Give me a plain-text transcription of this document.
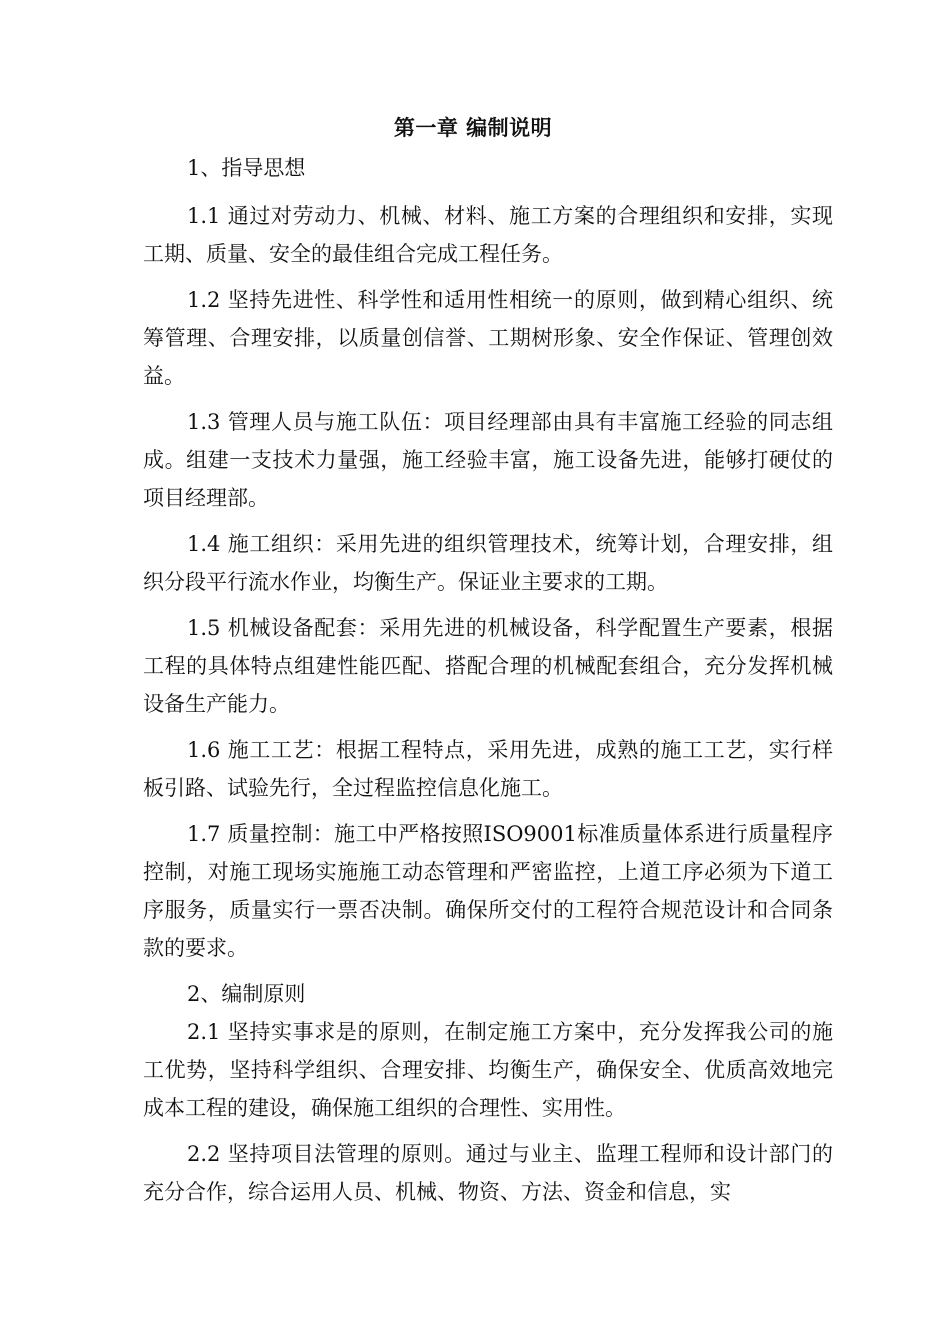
第一章 编制说明

1、指导思想

1.1 通过对劳动力、机械、材料、施工方案的合理组织和安排，实现工期、质量、安全的最佳组合完成工程任务。

1.2 坚持先进性、科学性和适用性相统一的原则，做到精心组织、统筹管理、合理安排，以质量创信誉、工期树形象、安全作保证、管理创效益。

1.3 管理人员与施工队伍：项目经理部由具有丰富施工经验的同志组成。组建一支技术力量强，施工经验丰富，施工设备先进，能够打硬仗的项目经理部。

1.4 施工组织：采用先进的组织管理技术，统筹计划，合理安排，组织分段平行流水作业，均衡生产。保证业主要求的工期。

1.5 机械设备配套：采用先进的机械设备，科学配置生产要素，根据工程的具体特点组建性能匹配、搭配合理的机械配套组合，充分发挥机械设备生产能力。

1.6 施工工艺：根据工程特点，采用先进，成熟的施工工艺，实行样板引路、试验先行，全过程监控信息化施工。

1.7 质量控制：施工中严格按照ISO9001标准质量体系进行质量程序控制，对施工现场实施施工动态管理和严密监控，上道工序必须为下道工序服务，质量实行一票否决制。确保所交付的工程符合规范设计和合同条款的要求。

2、编制原则

2.1 坚持实事求是的原则，在制定施工方案中，充分发挥我公司的施工优势，坚持科学组织、合理安排、均衡生产，确保安全、优质高效地完成本工程的建设，确保施工组织的合理性、实用性。

2.2 坚持项目法管理的原则。通过与业主、监理工程师和设计部门的充分合作，综合运用人员、机械、物资、方法、资金和信息，实
